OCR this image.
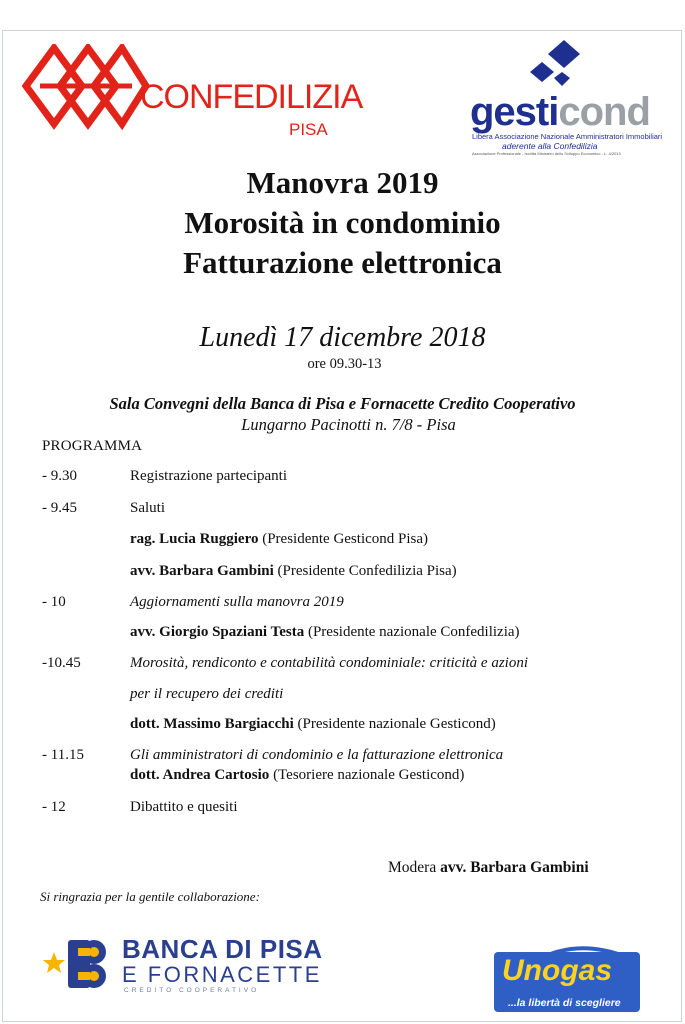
CONFEDILIZIA
PISA	gesticond
Libera Associazione Nazionale Amministratori Immobiliari
aderente alla Confedilizia
Associazione Professionale - Iscritta Ministero dello Sviluppo Economico - L. 4/2013
Manovra 2019
Morosità in condominio
Fatturazione elettronica
Lunedì 17 dicembre 2018
ore 09.30-13
Sala Convegni della Banca di Pisa e Fornacette Credito Cooperativo
Lungarno Pacinotti n. 7/8 - Pisa
PROGRAMMA
- 9.30	Registrazione partecipanti
- 9.45	Saluti
rag. Lucia Ruggiero (Presidente Gesticond Pisa)
avv. Barbara Gambini (Presidente Confedilizia Pisa)
- 10	Aggiornamenti sulla manovra 2019
avv. Giorgio Spaziani Testa (Presidente nazionale Confedilizia)
-10.45	Morosità, rendiconto e contabilità condominiale: criticità e azioni
per il recupero dei crediti
dott. Massimo Bargiacchi (Presidente nazionale Gesticond)
- 11.15	Gli amministratori di condominio e la fatturazione elettronica
dott. Andrea Cartosio (Tesoriere nazionale Gesticond)
- 12	Dibattito e quesiti
Modera avv. Barbara Gambini
Si ringrazia per la gentile collaborazione:
BANCA DI PISA
E FORNACETTE
CREDITO COOPERATIVO
Unogas
...la libertà di scegliere
